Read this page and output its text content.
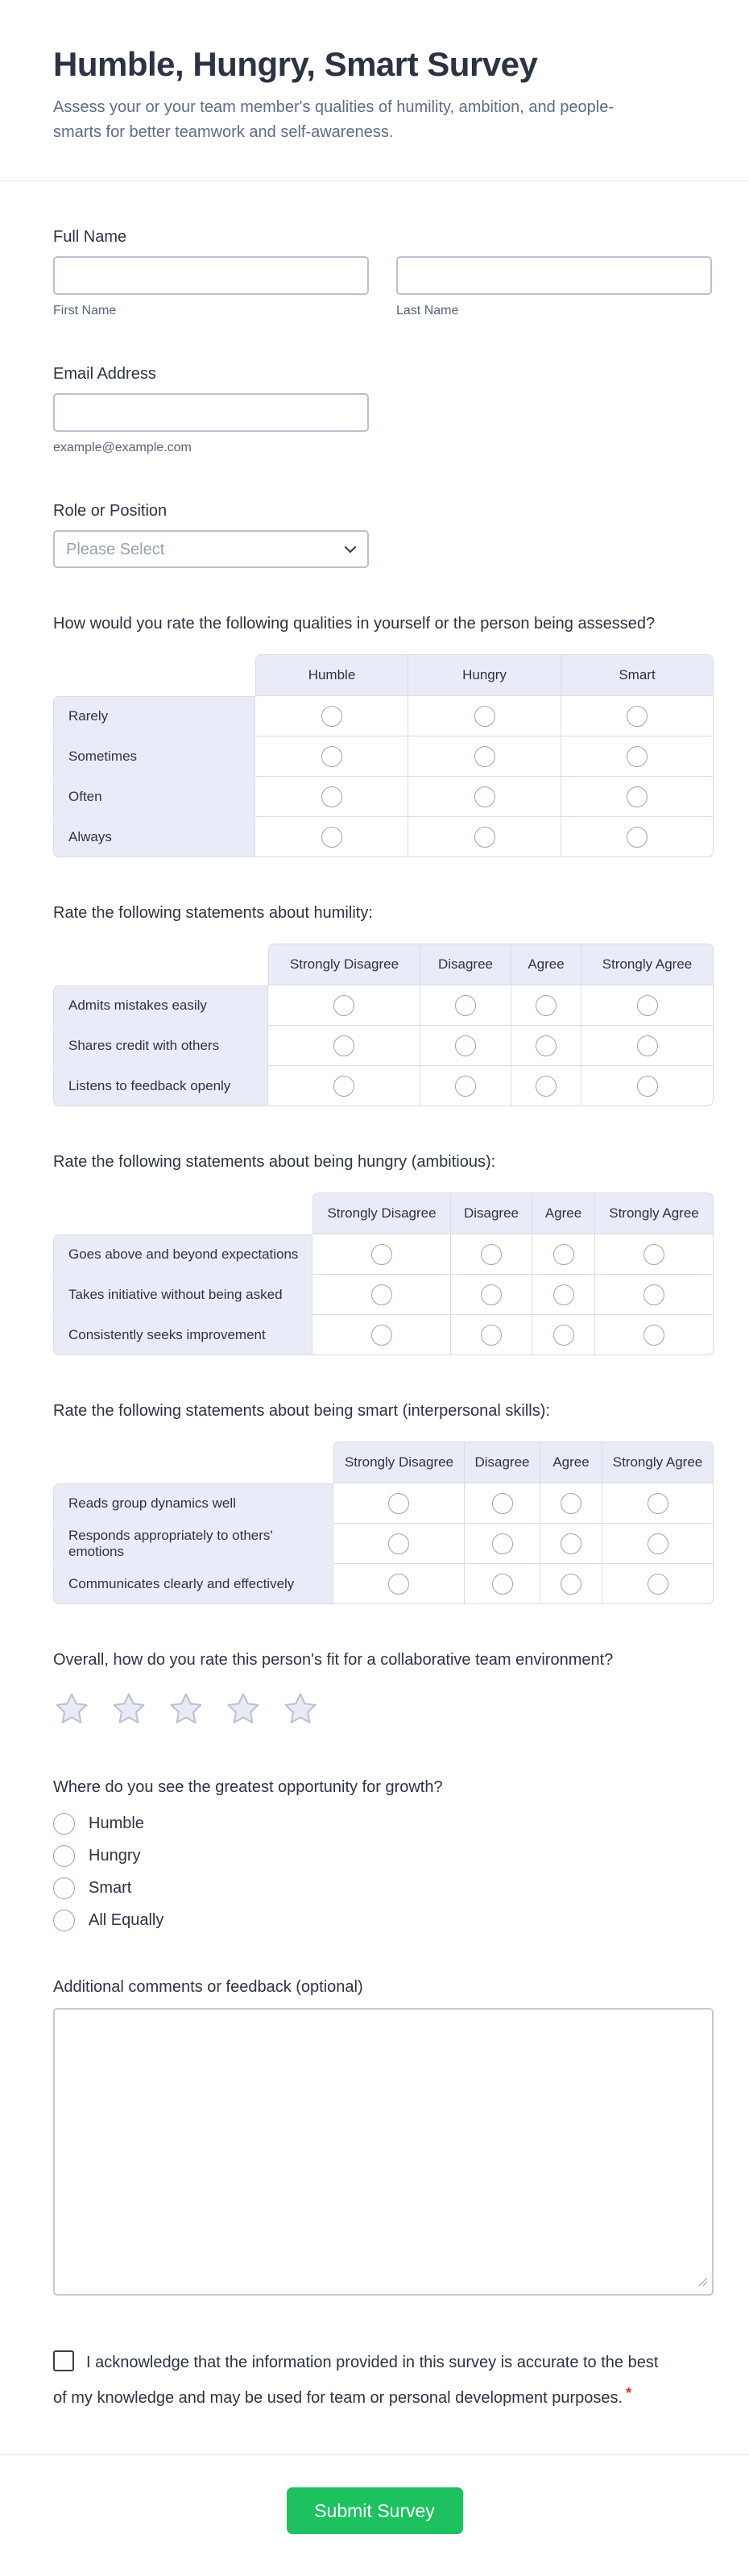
Humble, Hungry, Smart Survey
Assess your or your team member's qualities of humility, ambition, and people-smarts for better teamwork and self-awareness.
Full Name
First Name	Last Name
Email Address
example@example.com
Role or Position
Please Select
How would you rate the following qualities in yourself or the person being assessed?
	Humble	Hungry	Smart
Rarely			
Sometimes			
Often			
Always			
Rate the following statements about humility:
	Strongly Disagree	Disagree	Agree	Strongly Agree
Admits mistakes easily				
Shares credit with others				
Listens to feedback openly				
Rate the following statements about being hungry (ambitious):
	Strongly Disagree	Disagree	Agree	Strongly Agree
Goes above and beyond expectations				
Takes initiative without being asked				
Consistently seeks improvement				
Rate the following statements about being smart (interpersonal skills):
	Strongly Disagree	Disagree	Agree	Strongly Agree
Reads group dynamics well				
Responds appropriately to others' emotions				
Communicates clearly and effectively				
Overall, how do you rate this person's fit for a collaborative team environment?
Where do you see the greatest opportunity for growth?
Humble
Hungry
Smart
All Equally
Additional comments or feedback (optional)
I acknowledge that the information provided in this survey is accurate to the best of my knowledge and may be used for team or personal development purposes. *
Submit Survey
